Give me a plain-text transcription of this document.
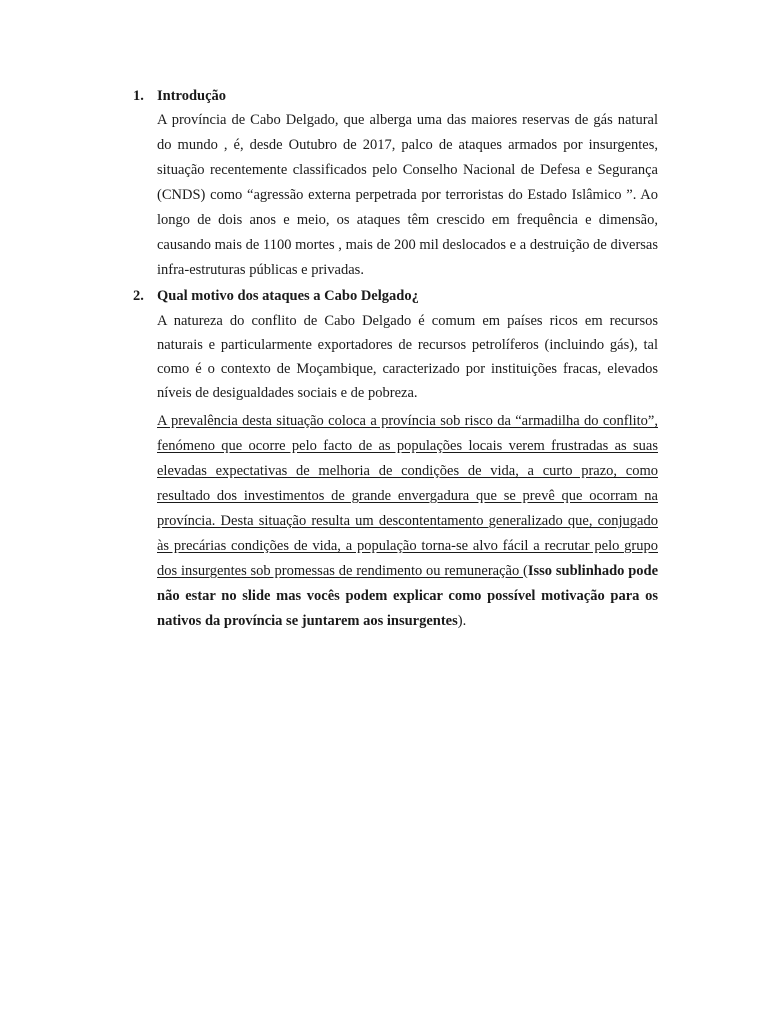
1. Introdução
A província de Cabo Delgado, que alberga uma das maiores reservas de gás natural do mundo , é, desde Outubro de 2017, palco de ataques armados por insurgentes, situação recentemente classificados pelo Conselho Nacional de Defesa e Segurança (CNDS) como “agressão externa perpetrada por terroristas do Estado Islâmico ”. Ao longo de dois anos e meio, os ataques têm crescido em frequência e dimensão, causando mais de 1100 mortes , mais de 200 mil deslocados e a destruição de diversas infra-estruturas públicas e privadas.
2. Qual motivo dos ataques a Cabo Delgado¿
A natureza do conflito de Cabo Delgado é comum em países ricos em recursos naturais e particularmente exportadores de recursos petrolíferos (incluindo gás), tal como é o contexto de Moçambique, caracterizado por instituições fracas, elevados níveis de desigualdades sociais e de pobreza.
A prevalência desta situação coloca a província sob risco da “armadilha do conflito”, fenómeno que ocorre pelo facto de as populações locais verem frustradas as suas elevadas expectativas de melhoria de condições de vida, a curto prazo, como resultado dos investimentos de grande envergadura que se prevê que ocorram na província. Desta situação resulta um descontentamento generalizado que, conjugado às precárias condições de vida, a população torna-se alvo fácil a recrutar pelo grupo dos insurgentes sob promessas de rendimento ou remuneração (Isso sublinhado pode não estar no slide mas vocês podem explicar como possível motivação para os nativos da província se juntarem aos insurgentes).
